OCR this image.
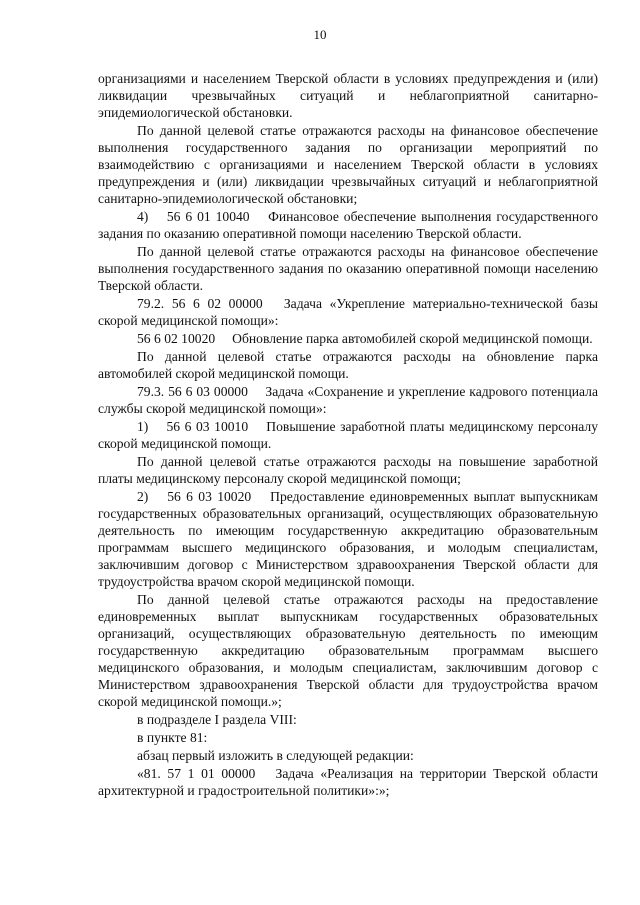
10

организациями и населением Тверской области в условиях предупреждения и (или) ликвидации чрезвычайных ситуаций и неблагоприятной санитарно-эпидемиологической обстановки.

По данной целевой статье отражаются расходы на финансовое обеспечение выполнения государственного задания по организации мероприятий по взаимодействию с организациями и населением Тверской области в условиях предупреждения и (или) ликвидации чрезвычайных ситуаций и неблагоприятной санитарно-эпидемиологической обстановки;

4)  56 6 01 10040  Финансовое обеспечение выполнения государственного задания по оказанию оперативной помощи населению Тверской области.

По данной целевой статье отражаются расходы на финансовое обеспечение выполнения государственного задания по оказанию оперативной помощи населению Тверской области.

79.2. 56 6 02 00000  Задача «Укрепление материально-технической базы скорой медицинской помощи»:

56 6 02 10020  Обновление парка автомобилей скорой медицинской помощи.

По данной целевой статье отражаются расходы на обновление парка автомобилей скорой медицинской помощи.

79.3. 56 6 03 00000  Задача «Сохранение и укрепление кадрового потенциала службы скорой медицинской помощи»:

1)  56 6 03 10010  Повышение заработной платы медицинскому персоналу скорой медицинской помощи.

По данной целевой статье отражаются расходы на повышение заработной платы медицинскому персоналу скорой медицинской помощи;

2)  56 6 03 10020  Предоставление единовременных выплат выпускникам государственных образовательных организаций, осуществляющих образовательную деятельность по имеющим государственную аккредитацию образовательным программам высшего медицинского образования, и молодым специалистам, заключившим договор с Министерством здравоохранения Тверской области для трудоустройства врачом скорой медицинской помощи.

По данной целевой статье отражаются расходы на предоставление единовременных выплат выпускникам государственных образовательных организаций, осуществляющих образовательную деятельность по имеющим государственную аккредитацию образовательным программам высшего медицинского образования, и молодым специалистам, заключившим договор с Министерством здравоохранения Тверской области для трудоустройства врачом скорой медицинской помощи.»;

в подразделе I раздела VIII:

в пункте 81:

абзац первый изложить в следующей редакции:

«81. 57 1 01 00000  Задача «Реализация на территории Тверской области архитектурной и градостроительной политики»:»;
